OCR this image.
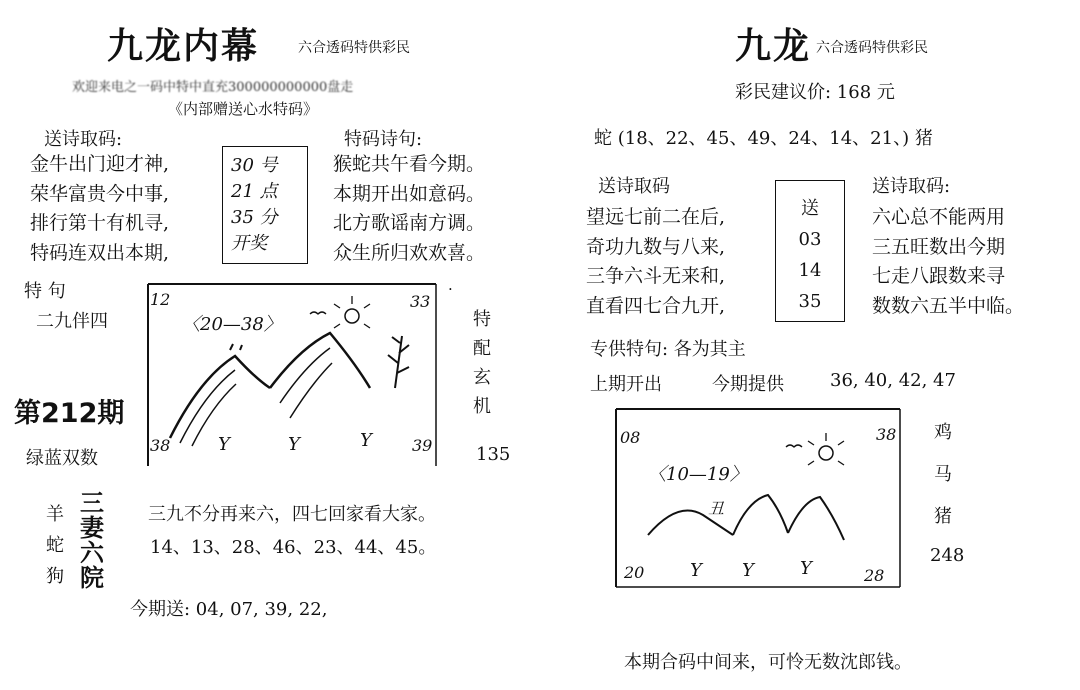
九龙内幕	六合透码特供彩民
欢迎来电之一码中特中直充300000000000盘走
《内部赠送心水特码》
送诗取码:
金牛出门迎才神,
荣华富贵今中事,
排行第十有机寻,
特码连双出本期,
30 号
21 点
35 分
开奖
特码诗句:
猴蛇共午看今期。
本期开出如意码。
北方歌谣南方调。
众生所归欢欢喜。
特 句
二九伴四
第212期
绿蓝双数
12
〈20—38〉
33
.
38	39
Y	Y	Y
特
配
玄
机
135
羊
蛇
狗
三
妻
六
院
三九不分再来六，四七回家看大家。
14、13、28、46、23、44、45。
今期送: 04, 07, 39, 22,
九龙 六合透码特供彩民
彩民建议价: 168 元
蛇 (18、22、45、49、24、14、21、) 猪
送诗取码
望远七前二在后,
奇功九数与八来,
三争六斗无来和,
直看四七合九开,
送
03
14
35
送诗取码:
六心总不能两用
三五旺数出今期
七走八跟数来寻
数数六五半中临。
专供特句: 各为其主
上期开出	今期提供	36, 40, 42, 47
08
〈10—19〉
38
丑
20	28
Y Y	Y
鸡
马
猪
248
本期合码中间来，可怜无数沈郎钱。
